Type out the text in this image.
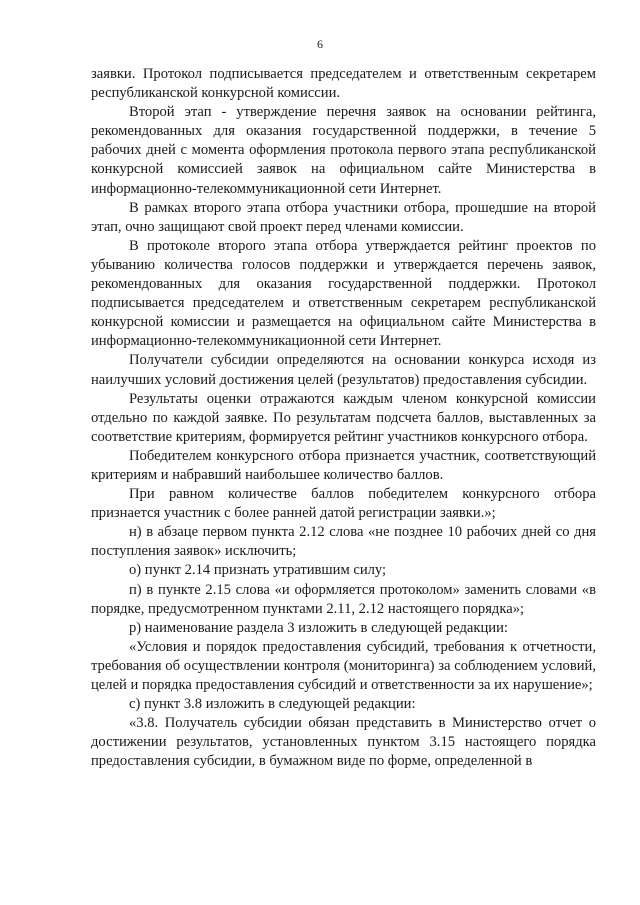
6

заявки. Протокол подписывается председателем и ответственным секретарем республиканской конкурсной комиссии.

Второй этап - утверждение перечня заявок на основании рейтинга, рекомендованных для оказания государственной поддержки, в течение 5 рабочих дней с момента оформления протокола первого этапа республиканской конкурсной комиссией заявок на официальном сайте Министерства в информационно-телекоммуникационной сети Интернет.

В рамках второго этапа отбора участники отбора, прошедшие на второй этап, очно защищают свой проект перед членами комиссии.

В протоколе второго этапа отбора утверждается рейтинг проектов по убыванию количества голосов поддержки и утверждается перечень заявок, рекомендованных для оказания государственной поддержки. Протокол подписывается председателем и ответственным секретарем республиканской конкурсной комиссии и размещается на официальном сайте Министерства в информационно-телекоммуникационной сети Интернет.

Получатели субсидии определяются на основании конкурса исходя из наилучших условий достижения целей (результатов) предоставления субсидии.

Результаты оценки отражаются каждым членом конкурсной комиссии отдельно по каждой заявке. По результатам подсчета баллов, выставленных за соответствие критериям, формируется рейтинг участников конкурсного отбора.

Победителем конкурсного отбора признается участник, соответствующий критериям и набравший наибольшее количество баллов.

При равном количестве баллов победителем конкурсного отбора признается участник с более ранней датой регистрации заявки.»;

н) в абзаце первом пункта 2.12 слова «не позднее 10 рабочих дней со дня поступления заявок» исключить;

о) пункт 2.14 признать утратившим силу;

п) в пункте 2.15 слова «и оформляется протоколом» заменить словами «в порядке, предусмотренном пунктами 2.11, 2.12 настоящего порядка»;

р) наименование раздела 3 изложить в следующей редакции:

«Условия и порядок предоставления субсидий, требования к отчетности, требования об осуществлении контроля (мониторинга) за соблюдением условий, целей и порядка предоставления субсидий и ответственности за их нарушение»;

с) пункт 3.8 изложить в следующей редакции:

«3.8. Получатель субсидии обязан представить в Министерство отчет о достижении результатов, установленных пунктом 3.15 настоящего порядка предоставления субсидии, в бумажном виде по форме, определенной в
